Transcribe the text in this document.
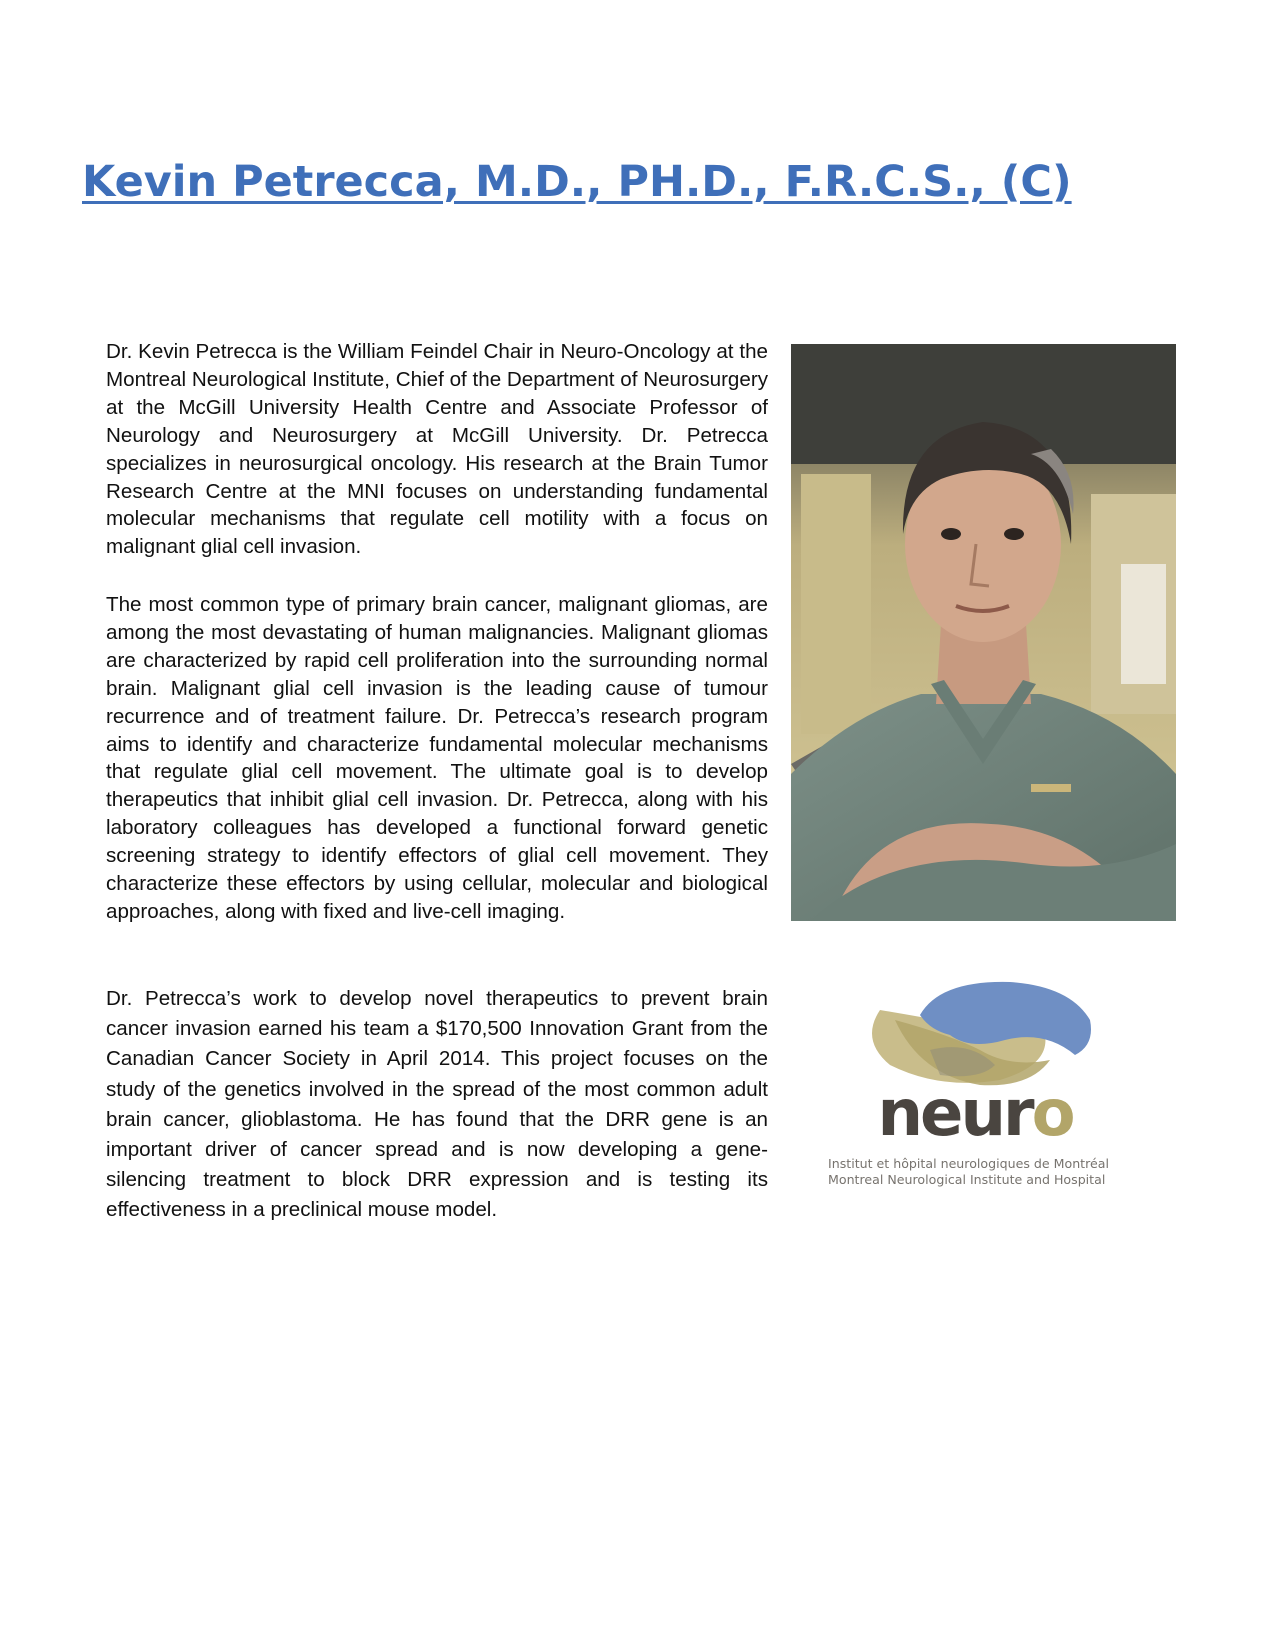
Kevin Petrecca, M.D., PH.D., F.R.C.S., (C)

Dr. Kevin Petrecca is the William Feindel Chair in Neuro-Oncology at the Montreal Neurological Institute, Chief of the Department of Neurosurgery at the McGill University Health Centre and Associate Professor of Neurology and Neurosurgery at McGill University. Dr. Petrecca specializes in neurosurgical oncology. His research at the Brain Tumor Research Centre at the MNI focuses on understanding fundamental molecular mechanisms that regulate cell motility with a focus on malignant glial cell invasion.

The most common type of primary brain cancer, malignant gliomas, are among the most devastating of human malignancies. Malignant gliomas are characterized by rapid cell proliferation into the surrounding normal brain. Malignant glial cell invasion is the leading cause of tumour recurrence and of treatment failure. Dr. Petrecca’s research program aims to identify and characterize fundamental molecular mechanisms that regulate glial cell movement. The ultimate goal is to develop therapeutics that inhibit glial cell invasion. Dr. Petrecca, along with his laboratory colleagues has developed a functional forward genetic screening strategy to identify effectors of glial cell movement. They characterize these effectors by using cellular, molecular and biological approaches, along with fixed and live-cell imaging.

Dr. Petrecca’s work to develop novel therapeutics to prevent brain cancer invasion earned his team a $170,500 Innovation Grant from the Canadian Cancer Society in April 2014. This project focuses on the study of the genetics involved in the spread of the most common adult brain cancer, glioblastoma. He has found that the DRR gene is an important driver of cancer spread and is now developing a gene-silencing treatment to block DRR expression and is testing its effectiveness in a preclinical mouse model.

neuro

Institut et hôpital neurologiques de Montréal

Montreal Neurological Institute and Hospital
